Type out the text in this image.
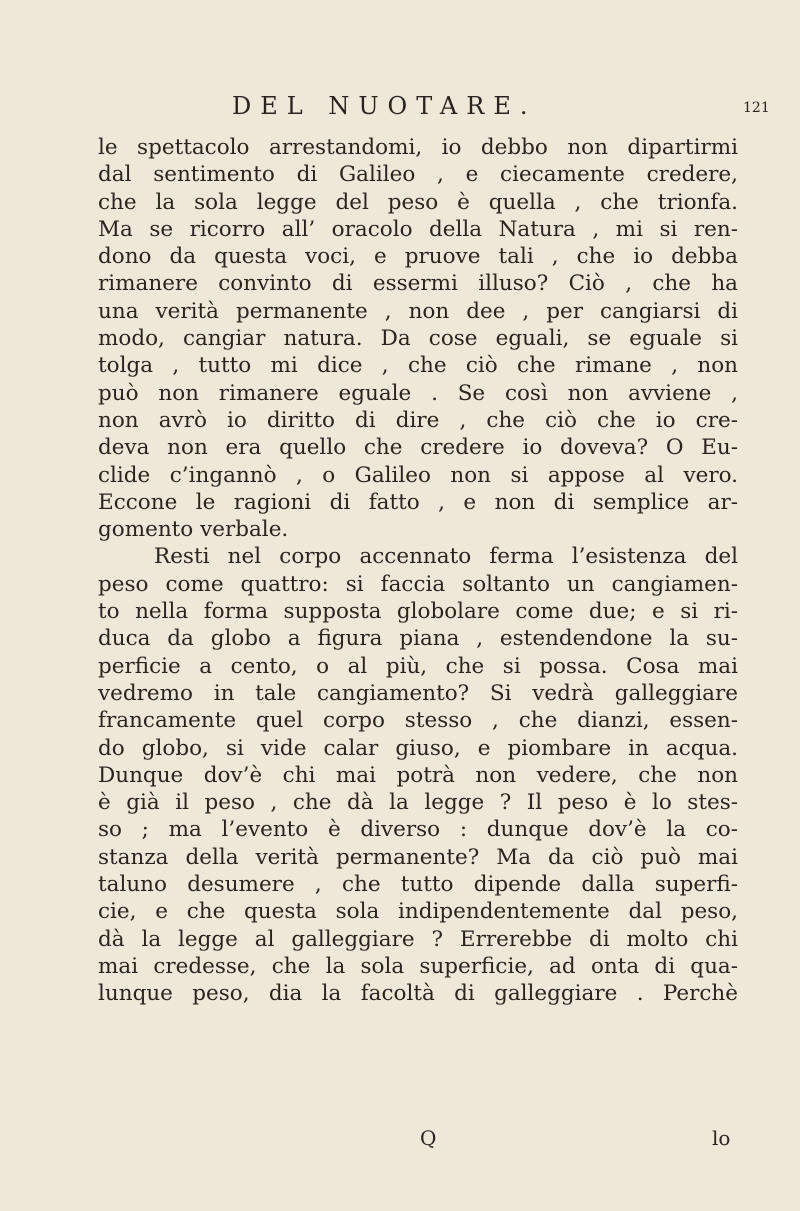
DEL NUOTARE.	121
le spettacolo arrestandomi, io debbo non dipartirmi
dal sentimento di Galileo , e ciecamente credere,
che la sola legge del peso è quella , che trionfa.
Ma se ricorro all’ oracolo della Natura , mi si ren-
dono da questa voci, e pruove tali , che io debba
rimanere convinto di essermi illuso? Ciò , che ha
una verità permanente , non dee , per cangiarsi di
modo, cangiar natura. Da cose eguali, se eguale si
tolga , tutto mi dice , che ciò che rimane , non
può non rimanere eguale . Se così non avviene ,
non avrò io diritto di dire , che ciò che io cre-
deva non era quello che credere io doveva? O Eu-
clide c’ingannò , o Galileo non si appose al vero.
Eccone le ragioni di fatto , e non di semplice ar-
gomento verbale.
Resti nel corpo accennato ferma l’esistenza del
peso come quattro: si faccia soltanto un cangiamen-
to nella forma supposta globolare come due; e si ri-
duca da globo a figura piana , estendendone la su-
perficie a cento, o al più, che si possa. Cosa mai
vedremo in tale cangiamento? Si vedrà galleggiare
francamente quel corpo stesso , che dianzi, essen-
do globo, si vide calar giuso, e piombare in acqua.
Dunque dov’è chi mai potrà non vedere, che non
è già il peso , che dà la legge ? Il peso è lo stes-
so ; ma l’evento è diverso : dunque dov’è la co-
stanza della verità permanente? Ma da ciò può mai
taluno desumere , che tutto dipende dalla superfi-
cie, e che questa sola indipendentemente dal peso,
dà la legge al galleggiare ? Errerebbe di molto chi
mai credesse, che la sola superficie, ad onta di qua-
lunque peso, dia la facoltà di galleggiare . Perchè
Q	lo
